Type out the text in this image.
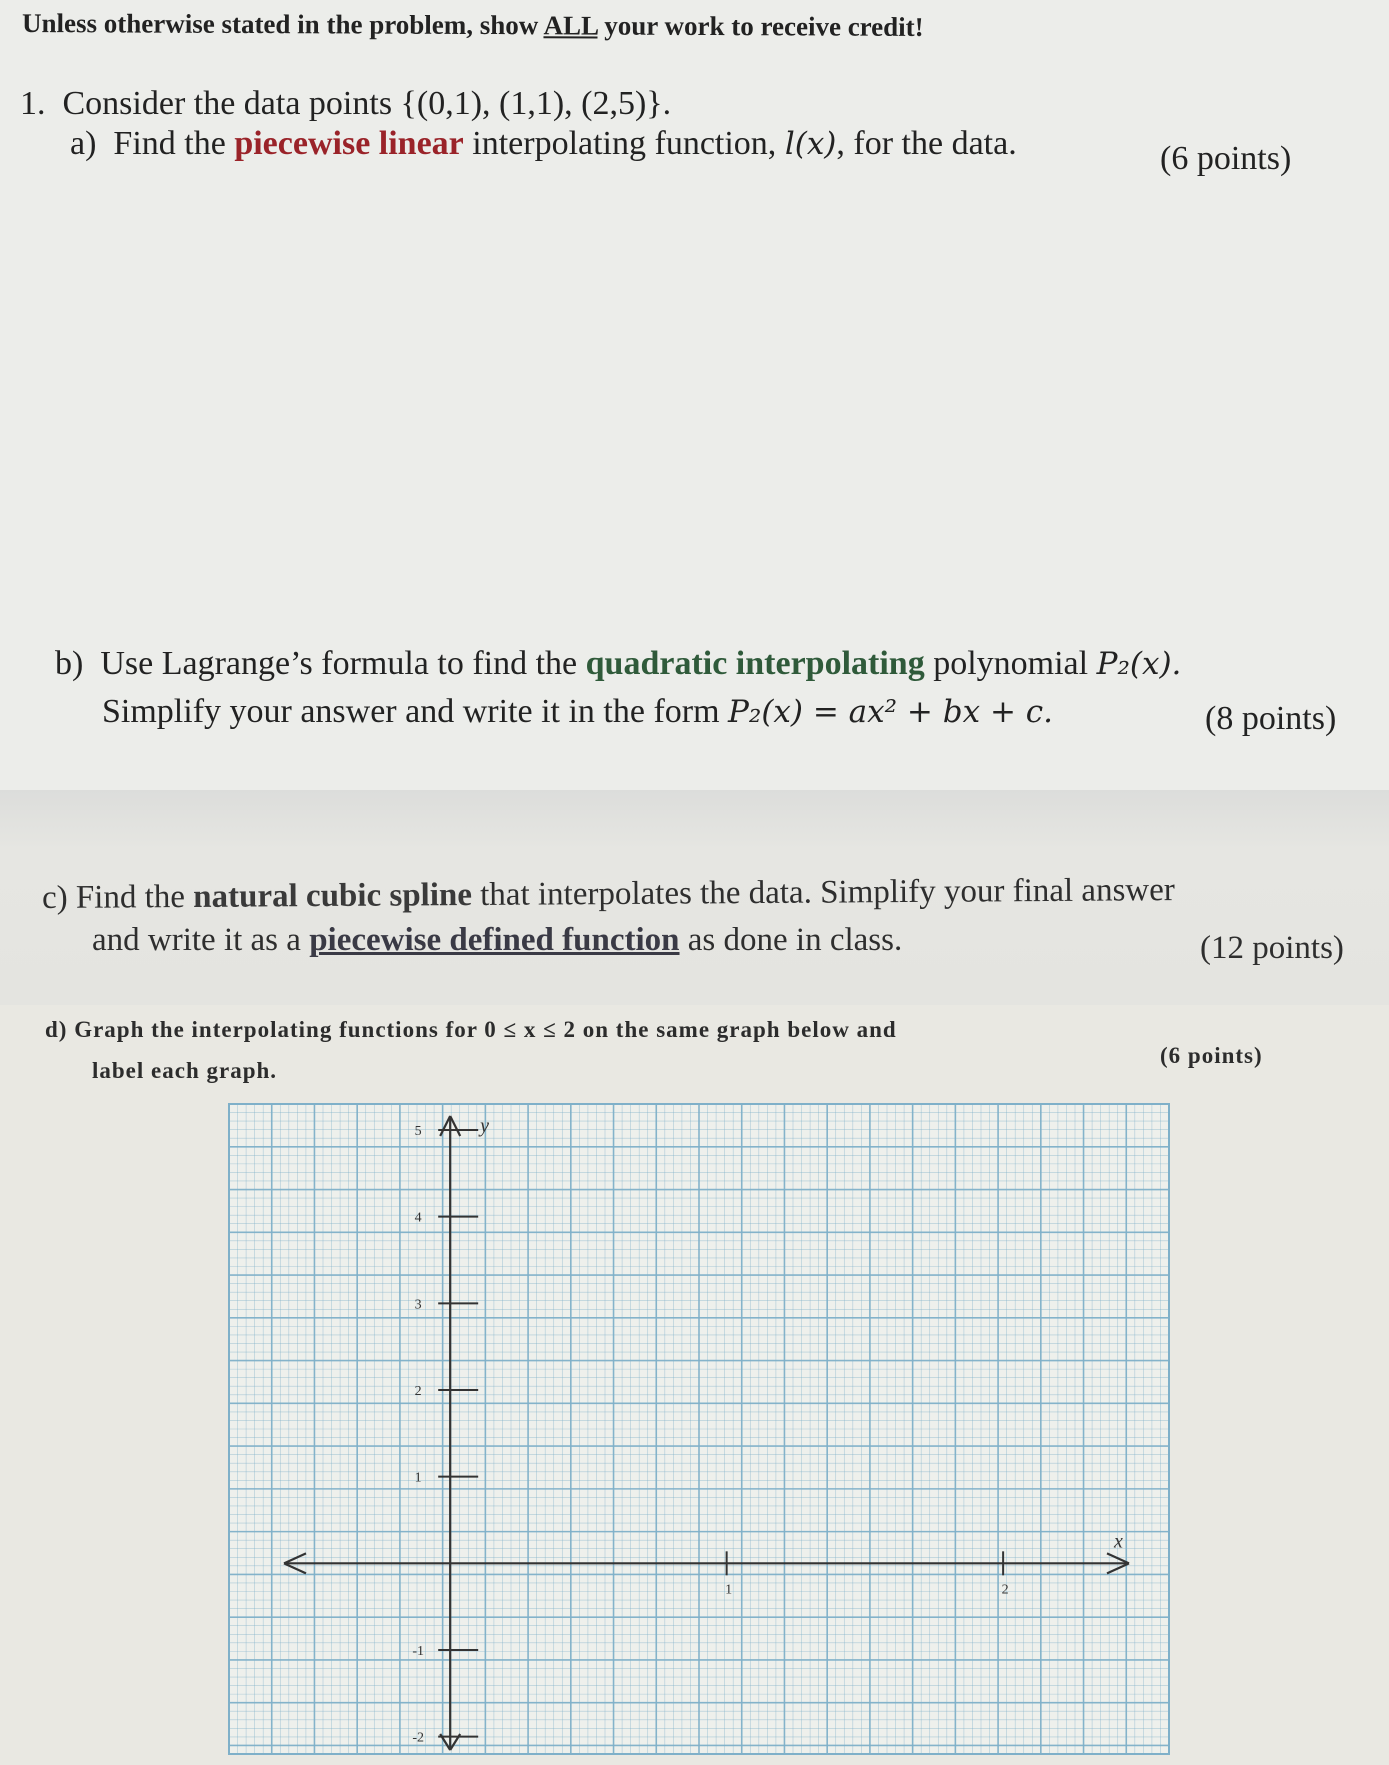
Unless otherwise stated in the problem, show ALL your work to receive credit!
1. Consider the data points {(0,1), (1,1), (2,5)}.
a) Find the piecewise linear interpolating function, l(x), for the data.	(6 points)
b) Use Lagrange’s formula to find the quadratic interpolating polynomial P₂(x).
Simplify your answer and write it in the form P₂(x) = ax² + bx + c.	(8 points)
c) Find the natural cubic spline that interpolates the data. Simplify your final answer
and write it as a piecewise defined function as done in class.	(12 points)
d) Graph the interpolating functions for 0 ≤ x ≤ 2 on the same graph below and
label each graph.
(6 points)
1	2
5
4
3
2
1
-1
-2
x
y
